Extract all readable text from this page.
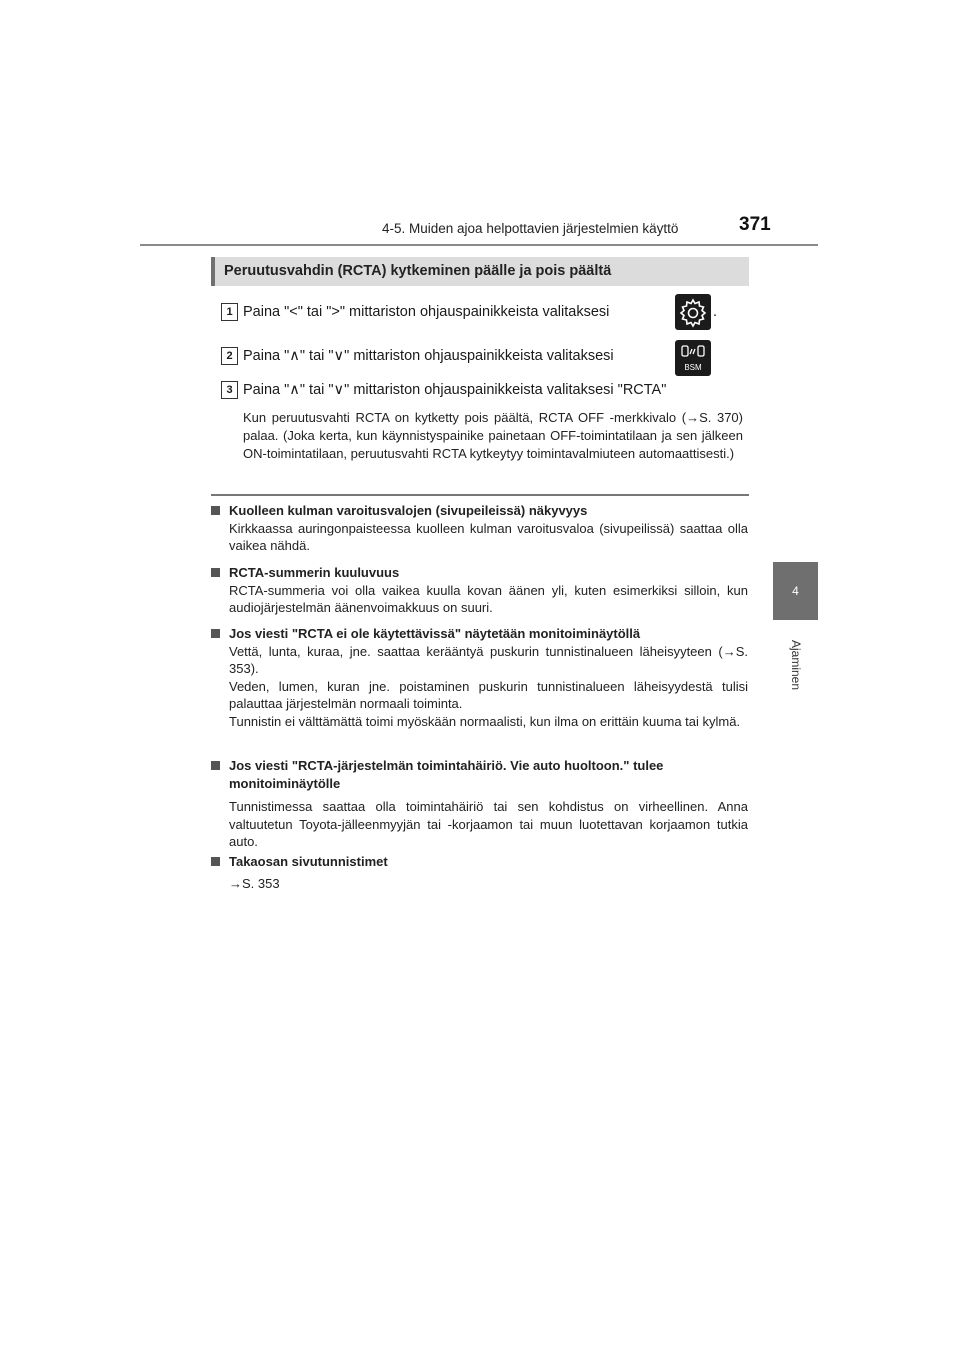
4-5. Muiden ajoa helpottavien järjestelmien käyttö	371
4
Ajaminen
Peruutusvahdin (RCTA) kytkeminen päälle ja pois päältä
1 Paina "<" tai ">" mittariston ohjauspainikkeista valitaksesi	.
2 Paina "∧" tai "∨" mittariston ohjauspainikkeista valitaksesi
BSM
3 Paina "∧" tai "∨" mittariston ohjauspainikkeista valitaksesi "RCTA"
Kun peruutusvahti RCTA on kytketty pois päältä, RCTA OFF -merkkivalo (→S. 370) palaa. (Joka kerta, kun käynnistyspainike painetaan OFF-toimintatilaan ja sen jälkeen ON-toimintatilaan, peruutusvahti RCTA kytkeytyy toimintavalmiuteen automaattisesti.)
Kuolleen kulman varoitusvalojen (sivupeileissä) näkyvyys

Kirkkaassa auringonpaisteessa kuolleen kulman varoitusvaloa (sivupeilissä) saattaa olla vaikea nähdä.

RCTA-summerin kuuluvuus

RCTA-summeria voi olla vaikea kuulla kovan äänen yli, kuten esimerkiksi silloin, kun audiojärjestelmän äänenvoimakkuus on suuri.

Jos viesti "RCTA ei ole käytettävissä" näytetään monitoiminäytöllä

Vettä, lunta, kuraa, jne. saattaa kerääntyä puskurin tunnistinalueen läheisyyteen (→S. 353).

Veden, lumen, kuran jne. poistaminen puskurin tunnistinalueen läheisyydestä tulisi palauttaa järjestelmän normaali toiminta.

Tunnistin ei välttämättä toimi myöskään normaalisti, kun ilma on erittäin kuuma tai kylmä.

Jos viesti "RCTA-järjestelmän toimintahäiriö. Vie auto huoltoon." tulee monitoiminäytölle

Tunnistimessa saattaa olla toimintahäiriö tai sen kohdistus on virheellinen. Anna valtuutetun Toyota-jälleenmyyjän tai -korjaamon tai muun luotettavan korjaamon tutkia auto.

Takaosan sivutunnistimet

→S. 353
